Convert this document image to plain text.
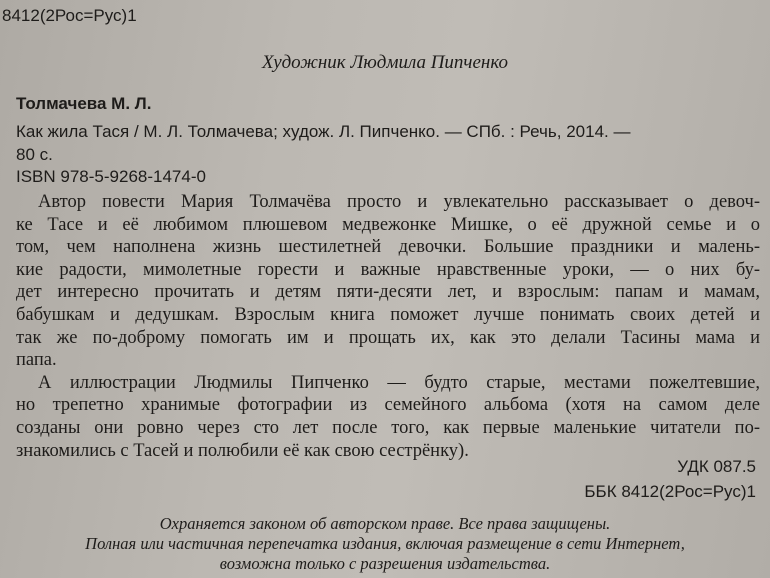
8412(2Рос=Рус)1
Художник Людмила Пипченко
Толмачева М. Л.
Как жила Тася / М. Л. Толмачева; худож. Л. Пипченко. — СПб. : Речь, 2014. —
80 с.
ISBN 978-5-9268-1474-0
Автор повести Мария Толмачёва просто и увлекательно рассказывает о девоч-
ке Тасе и её любимом плюшевом медвежонке Мишке, о её дружной семье и о
том, чем наполнена жизнь шестилетней девочки. Большие праздники и малень-
кие радости, мимолетные горести и важные нравственные уроки, — о них бу-
дет интересно прочитать и детям пяти-десяти лет, и взрослым: папам и мамам,
бабушкам и дедушкам. Взрослым книга поможет лучше понимать своих детей и
так же по-доброму помогать им и прощать их, как это делали Тасины мама и
папа.
А иллюстрации Людмилы Пипченко — будто старые, местами пожелтевшие,
но трепетно хранимые фотографии из семейного альбома (хотя на самом деле
созданы они ровно через сто лет после того, как первые маленькие читатели по-
знакомились с Тасей и полюбили её как свою сестрёнку).
УДК 087.5
ББК 8412(2Рос=Рус)1
Охраняется законом об авторском праве. Все права защищены.
Полная или частичная перепечатка издания, включая размещение в сети Интернет,
возможна только с разрешения издательства.
